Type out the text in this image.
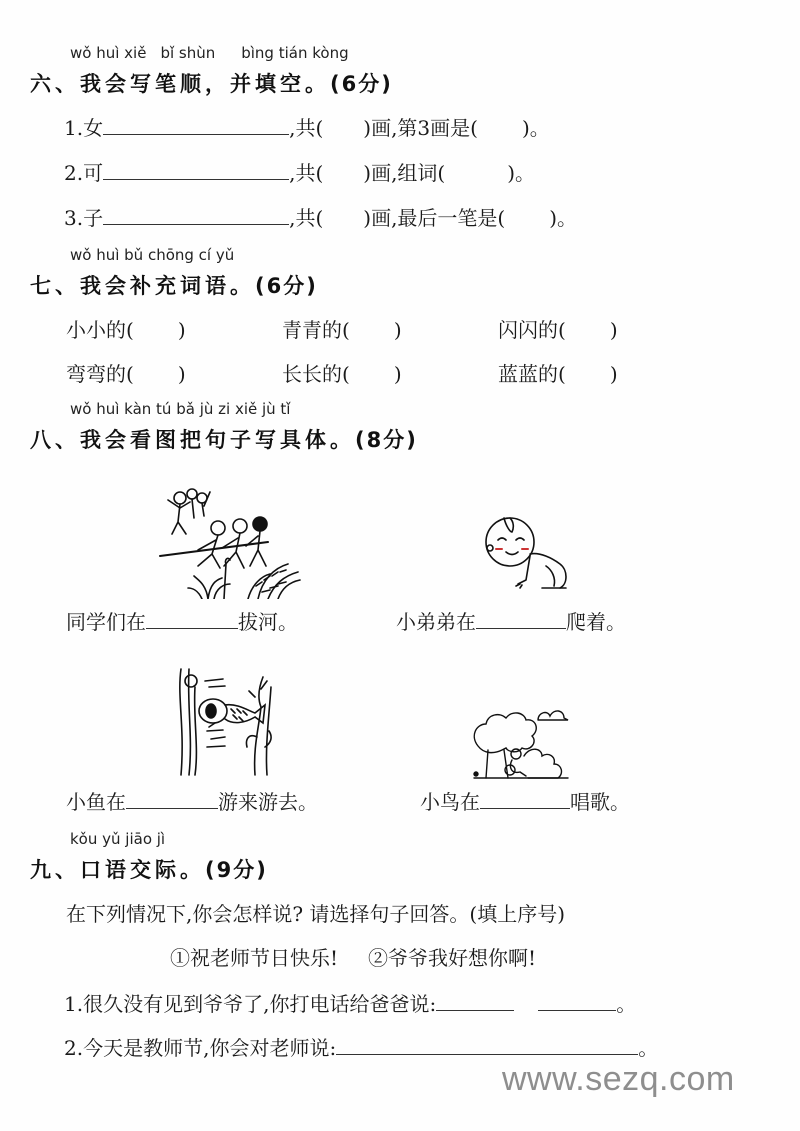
wǒ huì xiě bǐ shùn bìng tián kòng
六、我会写笔顺，并填空。(6分)
1.女	,共( )画,第3画是( )。
2.可	,共( )画,组词(	)。
3.子	,共( )画,最后一笔是( )。
wǒ huì bǔ chōng cí yǔ
七、我会补充词语。(6分)
小小的( )	青青的( )	闪闪的( )
弯弯的( )	长长的( )	蓝蓝的( )
wǒ huì kàn tú bǎ jù zi xiě jù tǐ
八、我会看图把句子写具体。(8分)
同学们在	拔河。	小弟弟在	爬着。
小鱼在	游来游去。	小鸟在	唱歌。
kǒu yǔ jiāo jì
九、口语交际。(9分)
在下列情况下,你会怎样说? 请选择句子回答。(填上序号)
①祝老师节日快乐! ②爷爷我好想你啊!
1.很久没有见到爷爷了,你打电话给爸爸说:	。
2.今天是教师节,你会对老师说:	。
www.sezq.com
